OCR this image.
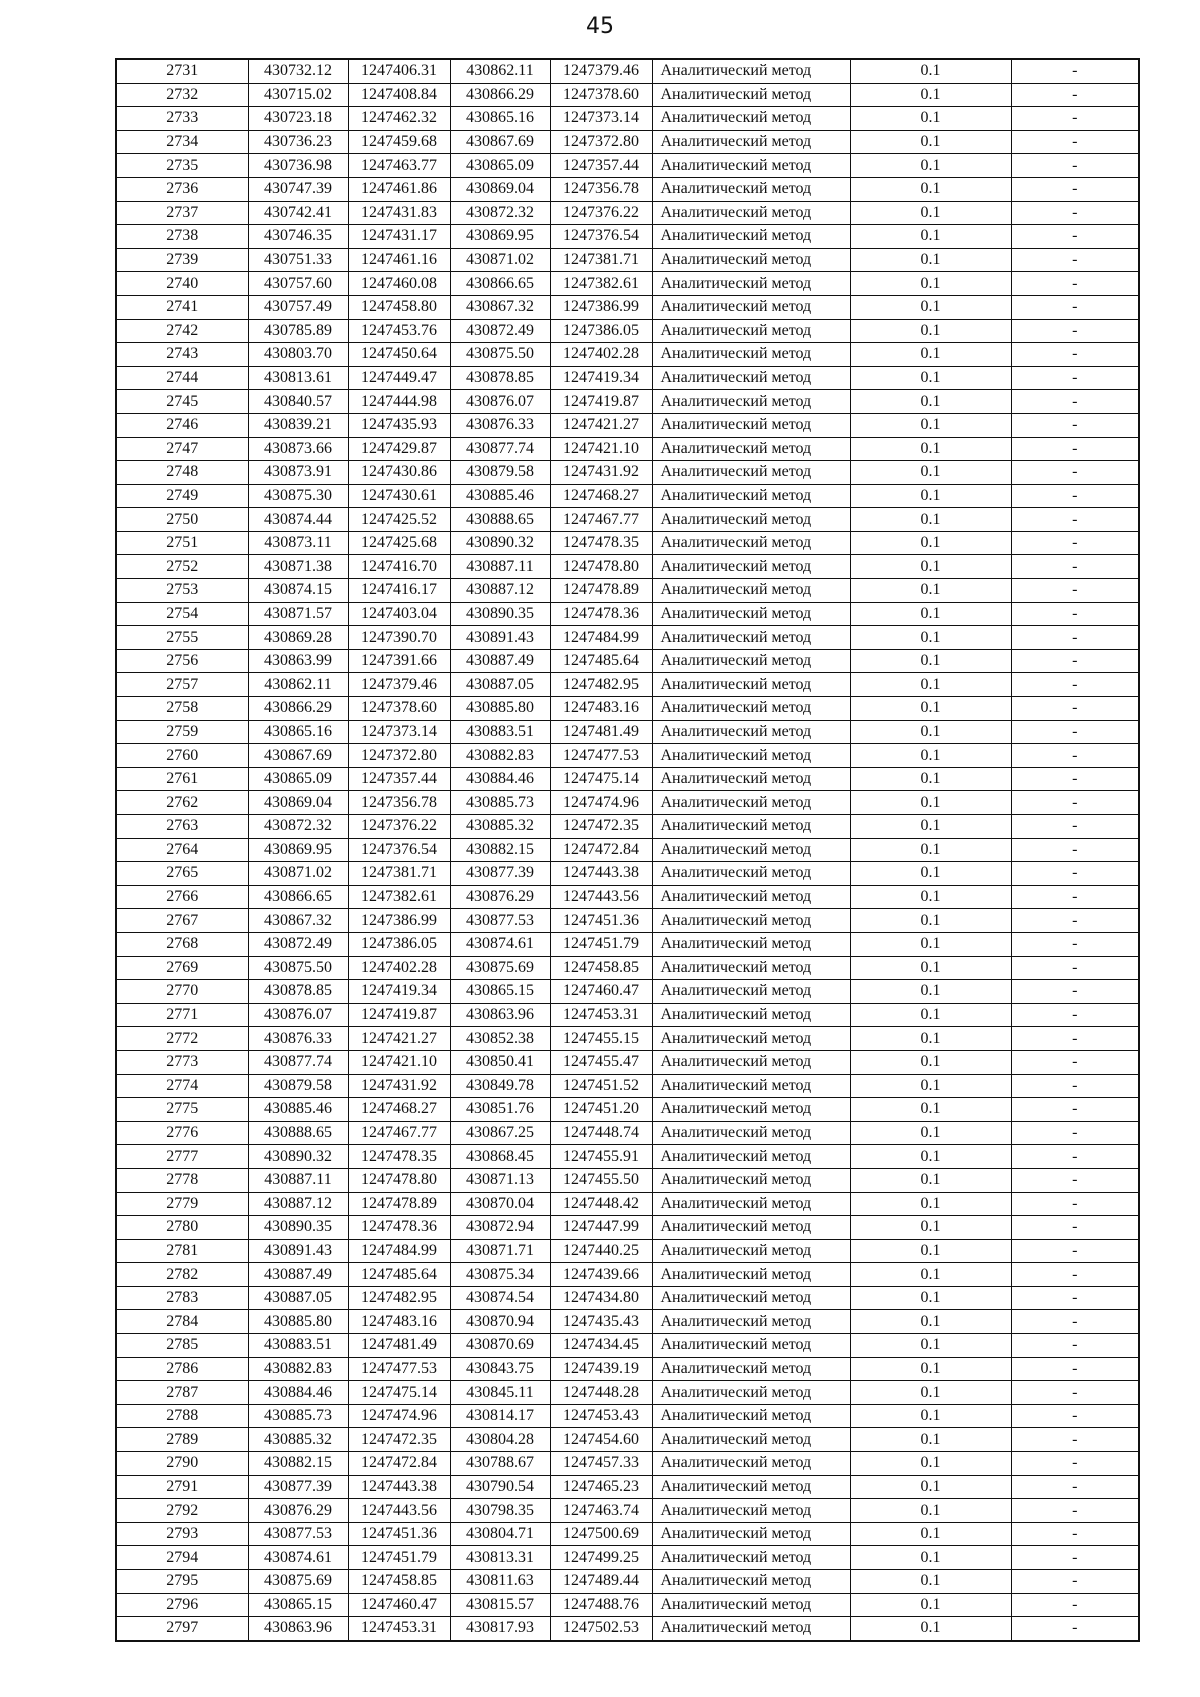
45
2731	430732.12	1247406.31	430862.11	1247379.46	Аналитический метод	0.1	-
2732	430715.02	1247408.84	430866.29	1247378.60	Аналитический метод	0.1	-
2733	430723.18	1247462.32	430865.16	1247373.14	Аналитический метод	0.1	-
2734	430736.23	1247459.68	430867.69	1247372.80	Аналитический метод	0.1	-
2735	430736.98	1247463.77	430865.09	1247357.44	Аналитический метод	0.1	-
2736	430747.39	1247461.86	430869.04	1247356.78	Аналитический метод	0.1	-
2737	430742.41	1247431.83	430872.32	1247376.22	Аналитический метод	0.1	-
2738	430746.35	1247431.17	430869.95	1247376.54	Аналитический метод	0.1	-
2739	430751.33	1247461.16	430871.02	1247381.71	Аналитический метод	0.1	-
2740	430757.60	1247460.08	430866.65	1247382.61	Аналитический метод	0.1	-
2741	430757.49	1247458.80	430867.32	1247386.99	Аналитический метод	0.1	-
2742	430785.89	1247453.76	430872.49	1247386.05	Аналитический метод	0.1	-
2743	430803.70	1247450.64	430875.50	1247402.28	Аналитический метод	0.1	-
2744	430813.61	1247449.47	430878.85	1247419.34	Аналитический метод	0.1	-
2745	430840.57	1247444.98	430876.07	1247419.87	Аналитический метод	0.1	-
2746	430839.21	1247435.93	430876.33	1247421.27	Аналитический метод	0.1	-
2747	430873.66	1247429.87	430877.74	1247421.10	Аналитический метод	0.1	-
2748	430873.91	1247430.86	430879.58	1247431.92	Аналитический метод	0.1	-
2749	430875.30	1247430.61	430885.46	1247468.27	Аналитический метод	0.1	-
2750	430874.44	1247425.52	430888.65	1247467.77	Аналитический метод	0.1	-
2751	430873.11	1247425.68	430890.32	1247478.35	Аналитический метод	0.1	-
2752	430871.38	1247416.70	430887.11	1247478.80	Аналитический метод	0.1	-
2753	430874.15	1247416.17	430887.12	1247478.89	Аналитический метод	0.1	-
2754	430871.57	1247403.04	430890.35	1247478.36	Аналитический метод	0.1	-
2755	430869.28	1247390.70	430891.43	1247484.99	Аналитический метод	0.1	-
2756	430863.99	1247391.66	430887.49	1247485.64	Аналитический метод	0.1	-
2757	430862.11	1247379.46	430887.05	1247482.95	Аналитический метод	0.1	-
2758	430866.29	1247378.60	430885.80	1247483.16	Аналитический метод	0.1	-
2759	430865.16	1247373.14	430883.51	1247481.49	Аналитический метод	0.1	-
2760	430867.69	1247372.80	430882.83	1247477.53	Аналитический метод	0.1	-
2761	430865.09	1247357.44	430884.46	1247475.14	Аналитический метод	0.1	-
2762	430869.04	1247356.78	430885.73	1247474.96	Аналитический метод	0.1	-
2763	430872.32	1247376.22	430885.32	1247472.35	Аналитический метод	0.1	-
2764	430869.95	1247376.54	430882.15	1247472.84	Аналитический метод	0.1	-
2765	430871.02	1247381.71	430877.39	1247443.38	Аналитический метод	0.1	-
2766	430866.65	1247382.61	430876.29	1247443.56	Аналитический метод	0.1	-
2767	430867.32	1247386.99	430877.53	1247451.36	Аналитический метод	0.1	-
2768	430872.49	1247386.05	430874.61	1247451.79	Аналитический метод	0.1	-
2769	430875.50	1247402.28	430875.69	1247458.85	Аналитический метод	0.1	-
2770	430878.85	1247419.34	430865.15	1247460.47	Аналитический метод	0.1	-
2771	430876.07	1247419.87	430863.96	1247453.31	Аналитический метод	0.1	-
2772	430876.33	1247421.27	430852.38	1247455.15	Аналитический метод	0.1	-
2773	430877.74	1247421.10	430850.41	1247455.47	Аналитический метод	0.1	-
2774	430879.58	1247431.92	430849.78	1247451.52	Аналитический метод	0.1	-
2775	430885.46	1247468.27	430851.76	1247451.20	Аналитический метод	0.1	-
2776	430888.65	1247467.77	430867.25	1247448.74	Аналитический метод	0.1	-
2777	430890.32	1247478.35	430868.45	1247455.91	Аналитический метод	0.1	-
2778	430887.11	1247478.80	430871.13	1247455.50	Аналитический метод	0.1	-
2779	430887.12	1247478.89	430870.04	1247448.42	Аналитический метод	0.1	-
2780	430890.35	1247478.36	430872.94	1247447.99	Аналитический метод	0.1	-
2781	430891.43	1247484.99	430871.71	1247440.25	Аналитический метод	0.1	-
2782	430887.49	1247485.64	430875.34	1247439.66	Аналитический метод	0.1	-
2783	430887.05	1247482.95	430874.54	1247434.80	Аналитический метод	0.1	-
2784	430885.80	1247483.16	430870.94	1247435.43	Аналитический метод	0.1	-
2785	430883.51	1247481.49	430870.69	1247434.45	Аналитический метод	0.1	-
2786	430882.83	1247477.53	430843.75	1247439.19	Аналитический метод	0.1	-
2787	430884.46	1247475.14	430845.11	1247448.28	Аналитический метод	0.1	-
2788	430885.73	1247474.96	430814.17	1247453.43	Аналитический метод	0.1	-
2789	430885.32	1247472.35	430804.28	1247454.60	Аналитический метод	0.1	-
2790	430882.15	1247472.84	430788.67	1247457.33	Аналитический метод	0.1	-
2791	430877.39	1247443.38	430790.54	1247465.23	Аналитический метод	0.1	-
2792	430876.29	1247443.56	430798.35	1247463.74	Аналитический метод	0.1	-
2793	430877.53	1247451.36	430804.71	1247500.69	Аналитический метод	0.1	-
2794	430874.61	1247451.79	430813.31	1247499.25	Аналитический метод	0.1	-
2795	430875.69	1247458.85	430811.63	1247489.44	Аналитический метод	0.1	-
2796	430865.15	1247460.47	430815.57	1247488.76	Аналитический метод	0.1	-
2797	430863.96	1247453.31	430817.93	1247502.53	Аналитический метод	0.1	-
